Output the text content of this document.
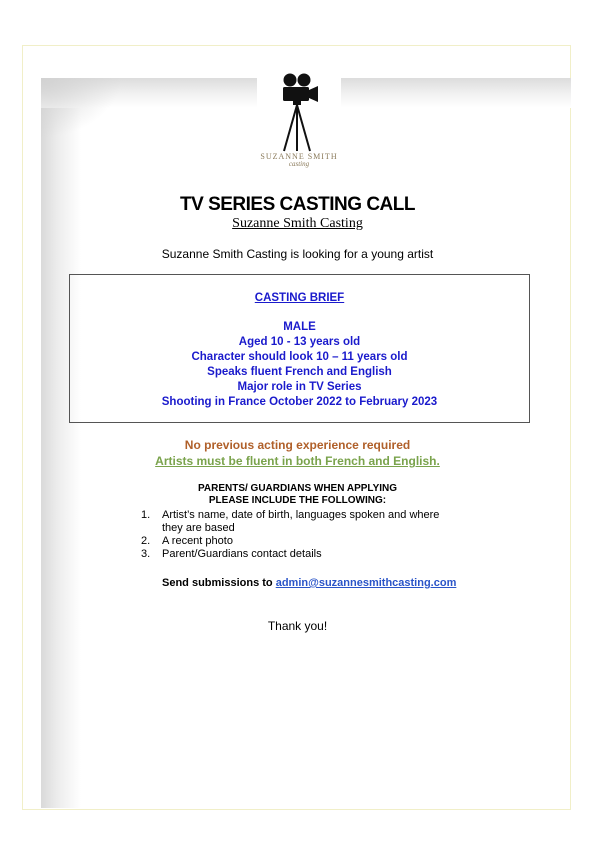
SUZANNE SMITH
casting
TV SERIES CASTING CALL
Suzanne Smith Casting
Suzanne Smith Casting is looking for a young artist
CASTING BRIEF
MALE
Aged 10 - 13 years old
Character should look 10 – 11 years old
Speaks fluent French and English
Major role in TV Series
Shooting in France October 2022 to February 2023
No previous acting experience required
Artists must be fluent in both French and English.
PARENTS/ GUARDIANS WHEN APPLYING
PLEASE INCLUDE THE FOLLOWING:
1. Artist’s name, date of birth, languages spoken and where they are based
2. A recent photo
3. Parent/Guardians contact details
Send submissions to admin@suzannesmithcasting.com
Thank you!
